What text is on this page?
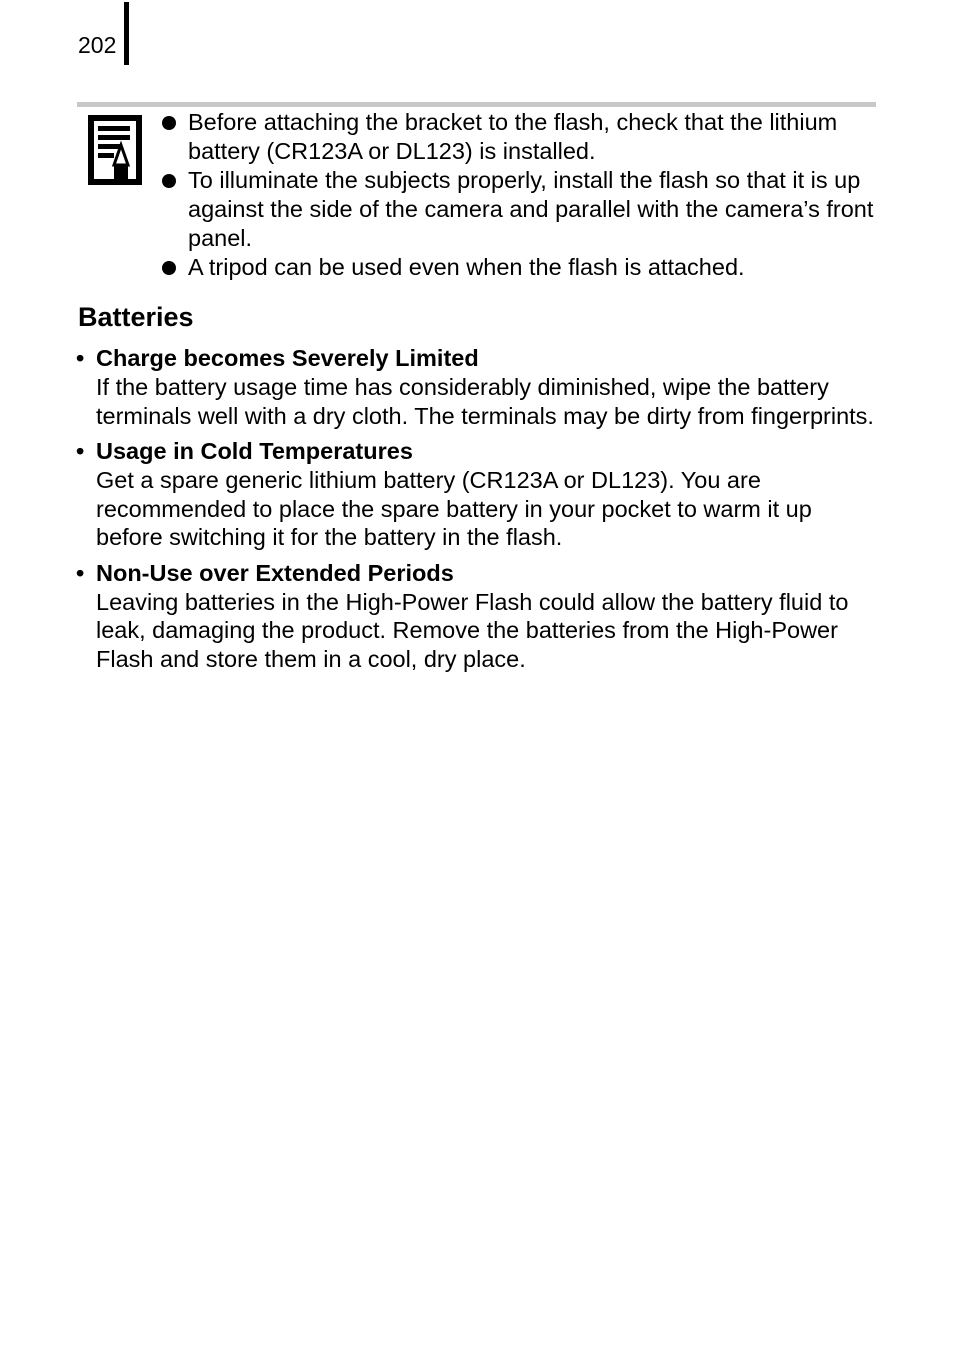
202
Before attaching the bracket to the flash, check that the lithium battery (CR123A or DL123) is installed.
To illuminate the subjects properly, install the flash so that it is up against the side of the camera and parallel with the camera’s front panel.
A tripod can be used even when the flash is attached.
Batteries
• Charge becomes Severely Limited
If the battery usage time has considerably diminished, wipe the battery terminals well with a dry cloth. The terminals may be dirty from fingerprints.
• Usage in Cold Temperatures
Get a spare generic lithium battery (CR123A or DL123). You are recommended to place the spare battery in your pocket to warm it up before switching it for the battery in the flash.
• Non-Use over Extended Periods
Leaving batteries in the High-Power Flash could allow the battery fluid to leak, damaging the product. Remove the batteries from the High-Power Flash and store them in a cool, dry place.
